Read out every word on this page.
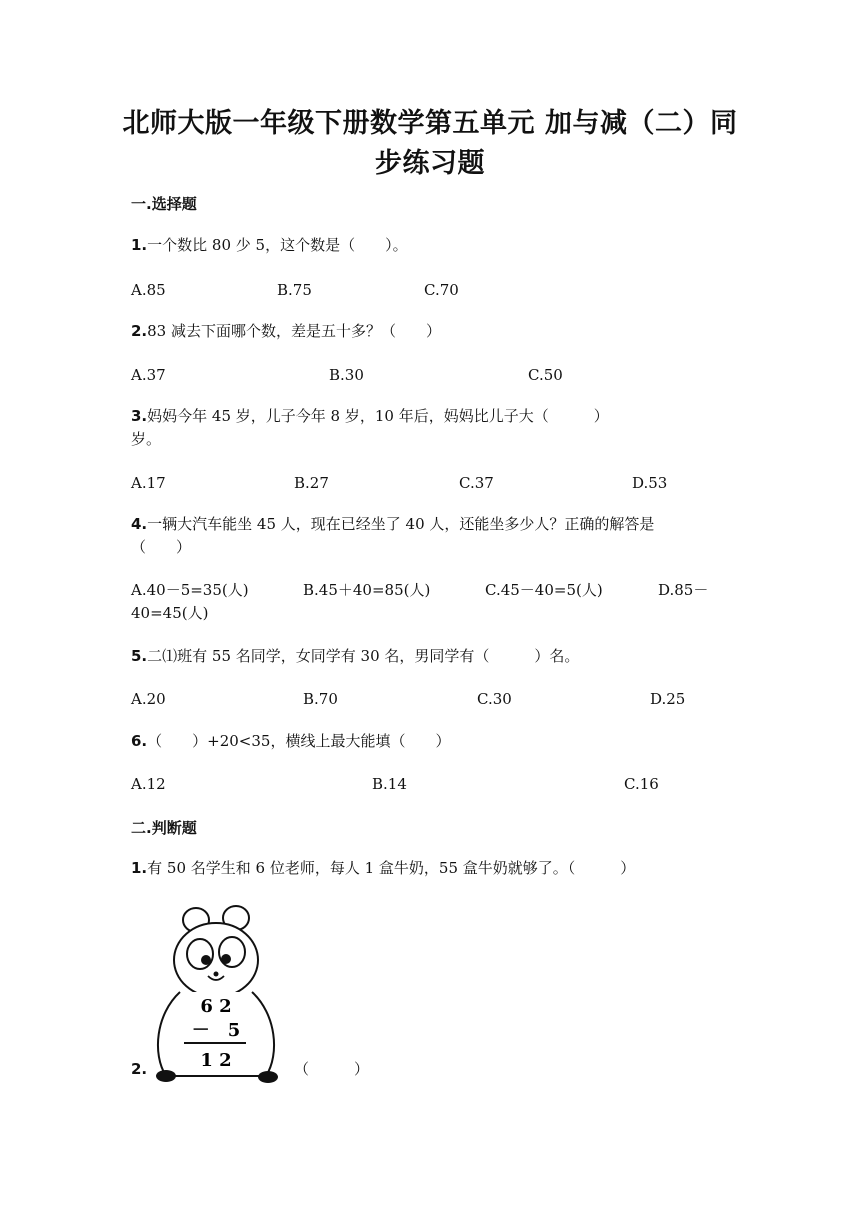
北师大版一年级下册数学第五单元 加与减（二）同
步练习题
一.选择题
1.一个数比 80 少 5，这个数是（　　）。
A.85	B.75	C.70
2.83 减去下面哪个数，差是五十多？（　　）
A.37	B.30	C.50
3.妈妈今年 45 岁，儿子今年 8 岁，10 年后，妈妈比儿子大（　　　）
岁。
A.17	B.27	C.37	D.53
4.一辆大汽车能坐 45 人，现在已经坐了 40 人，还能坐多少人？正确的解答是
（　　）
A.40－5=35(人)	B.45＋40=85(人)	C.45－40=5(人)	D.85－
40=45(人)
5.二⑴班有 55 名同学，女同学有 30 名，男同学有（　　　）名。
A.20	B.70	C.30	D.25
6.（　　）+20<35，横线上最大能填（　　）
A.12	B.14	C.16
二.判断题
1.有 50 名学生和 6 位老师，每人 1 盒牛奶，55 盒牛奶就够了。（　　　）
2.
6 2
－　5
1 2	（　　　）
